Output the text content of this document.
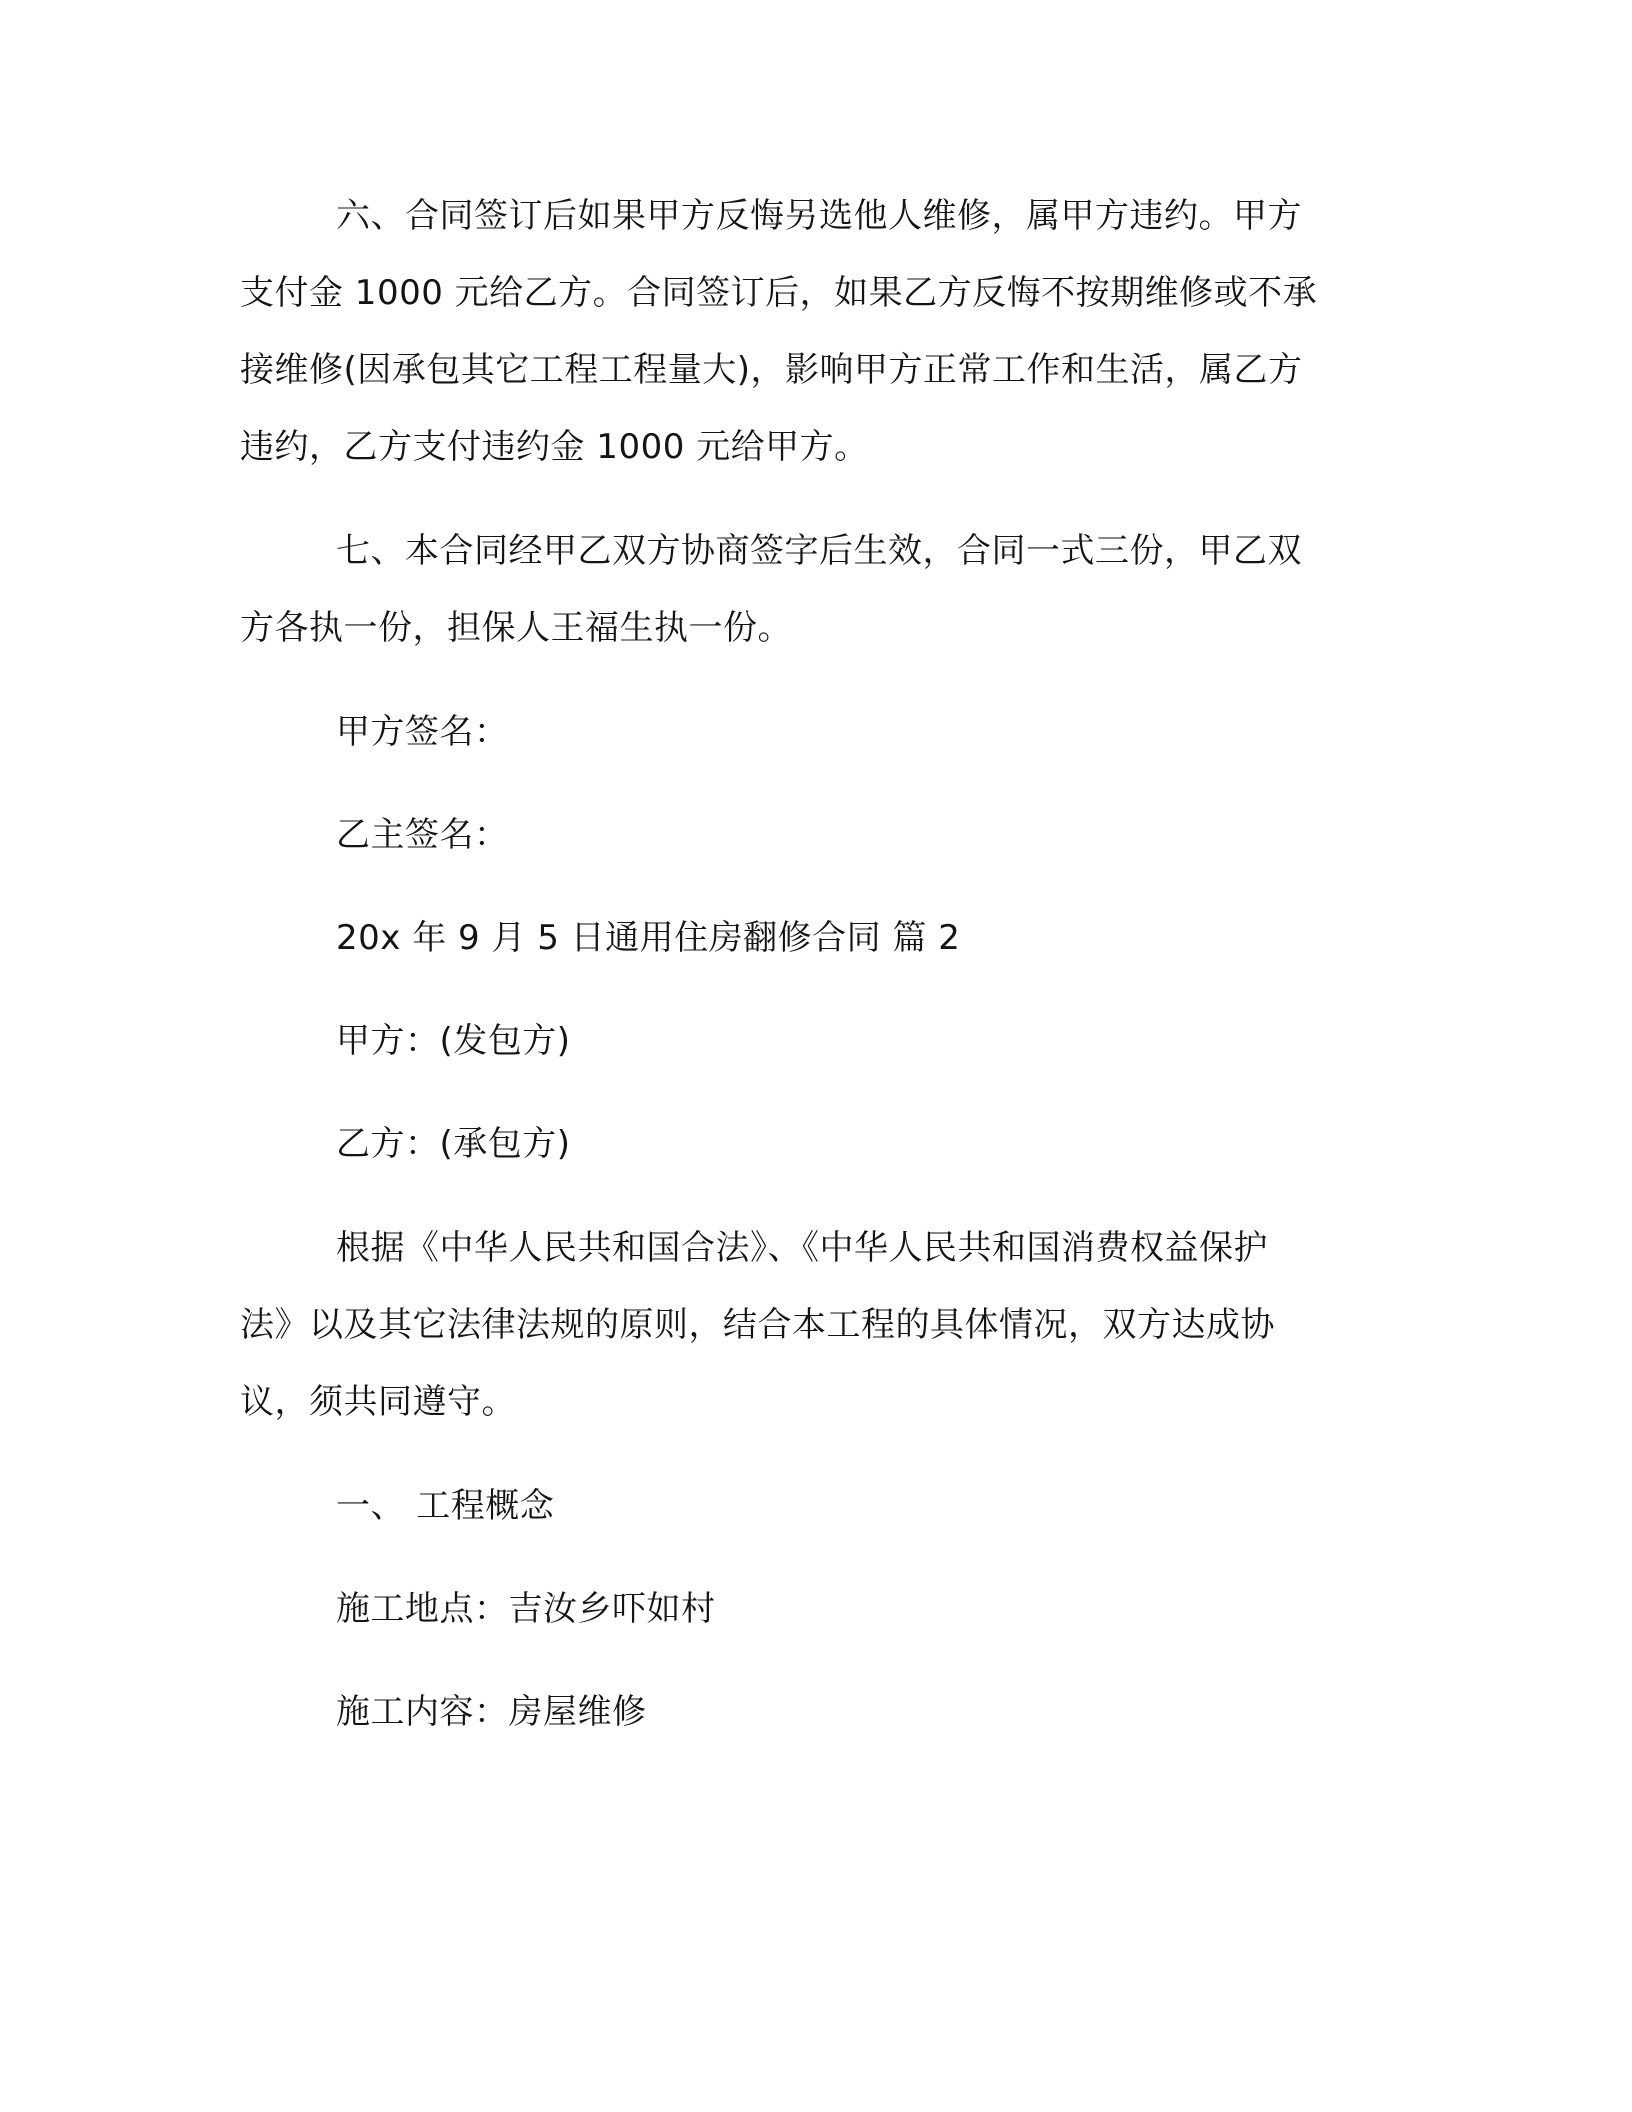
六、合同签订后如果甲方反悔另选他人维修，属甲方违约。甲方
支付金 1000 元给乙方。合同签订后，如果乙方反悔不按期维修或不承
接维修(因承包其它工程工程量大)，影响甲方正常工作和生活，属乙方
违约，乙方支付违约金 1000 元给甲方。
七、本合同经甲乙双方协商签字后生效，合同一式三份，甲乙双
方各执一份，担保人王福生执一份。
甲方签名：
乙主签名：
20x 年 9 月 5 日通用住房翻修合同 篇 2
甲方：(发包方)
乙方：(承包方)
根据《中华人民共和国合法》、《中华人民共和国消费权益保护
法》以及其它法律法规的原则，结合本工程的具体情况，双方达成协
议，须共同遵守。
一、 工程概念
施工地点：吉汝乡吓如村
施工内容：房屋维修
